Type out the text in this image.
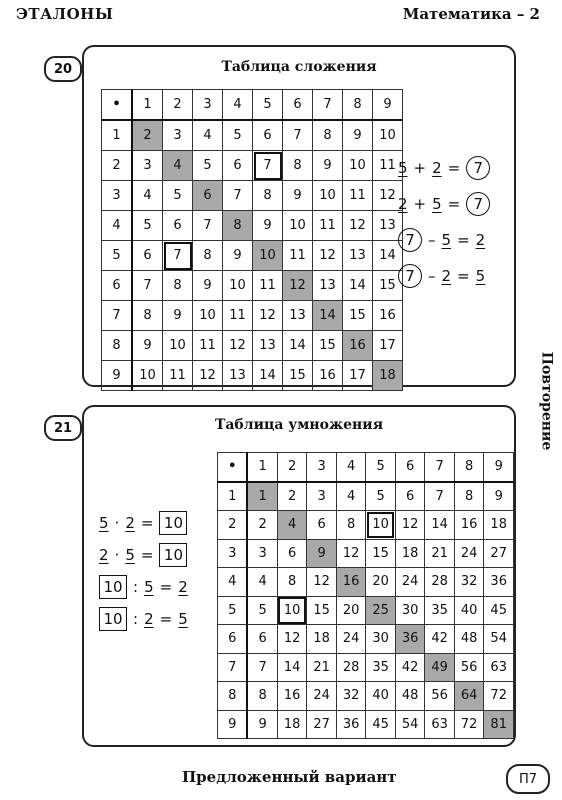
ЭТАЛОНЫ	Математика – 2
20	Таблица сложения
•	1	2	3	4	5	6	7	8	9
1	2	3	4	5	6	7	8	9	10
2	3	4	5	6	7	8	9	10	11
3	4	5	6	7	8	9	10	11	12
4	5	6	7	8	9	10	11	12	13
5	6	7	8	9	10	11	12	13	14
6	7	8	9	10	11	12	13	14	15
7	8	9	10	11	12	13	14	15	16
8	9	10	11	12	13	14	15	16	17
9	10	11	12	13	14	15	16	17	18
5 + 2 = 7
2 + 5 = 7
7 – 5 = 2
7 – 2 = 5
21	Таблица умножения
•	1	2	3	4	5	6	7	8	9
1	1	2	3	4	5	6	7	8	9
2	2	4	6	8	10	12	14	16	18
3	3	6	9	12	15	18	21	24	27
4	4	8	12	16	20	24	28	32	36
5	5	10	15	20	25	30	35	40	45
6	6	12	18	24	30	36	42	48	54
7	7	14	21	28	35	42	49	56	63
8	8	16	24	32	40	48	56	64	72
9	9	18	27	36	45	54	63	72	81
5 · 2 = 10
2 · 5 = 10
10 : 5 = 2
10 : 2 = 5
Повторение
Предложенный вариант	П7
